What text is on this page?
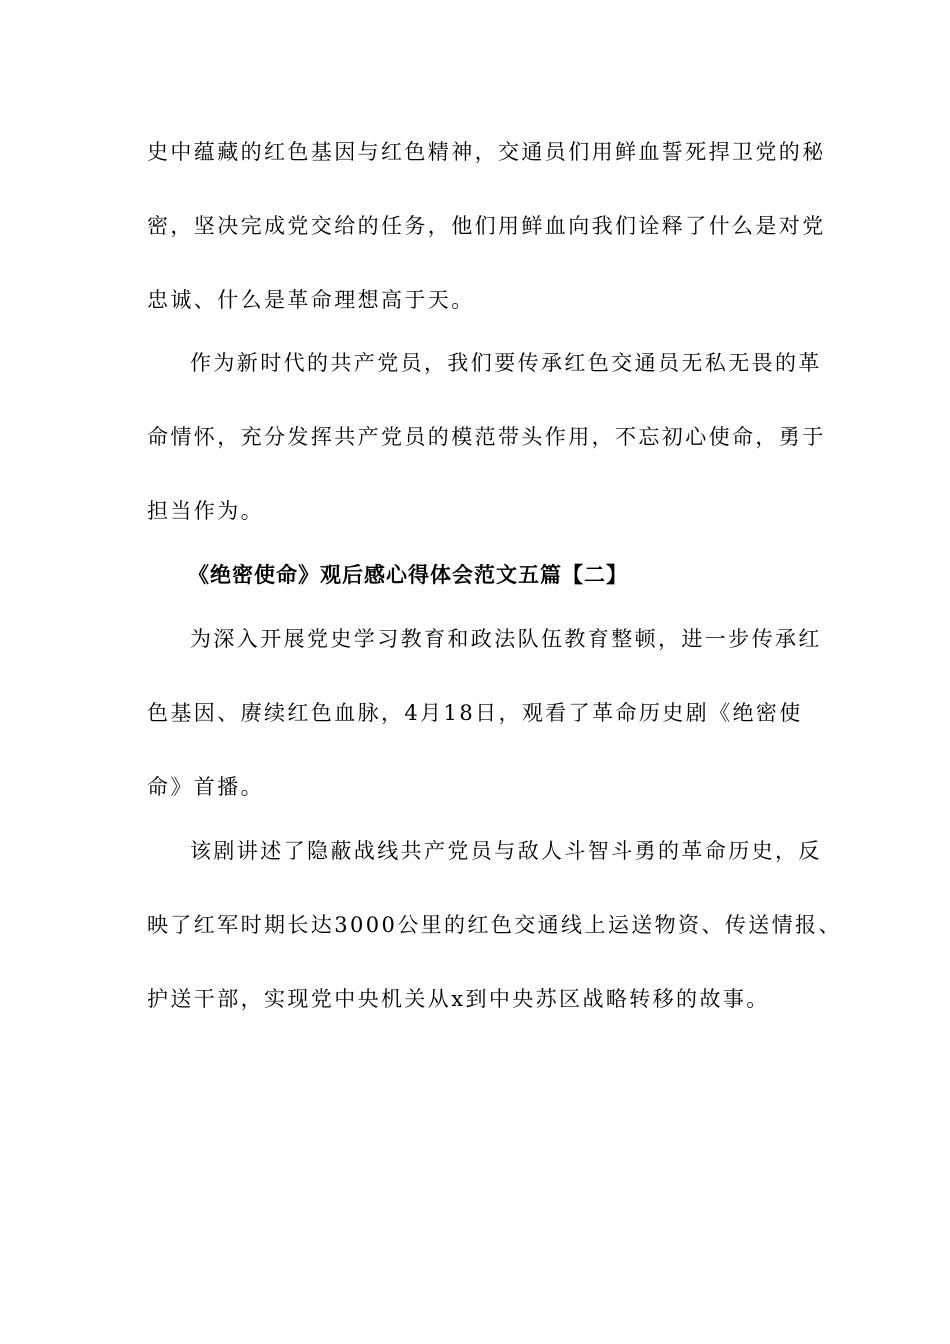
史中蕴藏的红色基因与红色精神，交通员们用鲜血誓死捍卫党的秘
密，坚决完成党交给的任务，他们用鲜血向我们诠释了什么是对党
忠诚、什么是革命理想高于天。
作为新时代的共产党员，我们要传承红色交通员无私无畏的革
命情怀，充分发挥共产党员的模范带头作用，不忘初心使命，勇于
担当作为。
《绝密使命》观后感心得体会范文五篇【二】
为深入开展党史学习教育和政法队伍教育整顿，进一步传承红
色基因、赓续红色血脉，4月18日，观看了革命历史剧《绝密使
命》首播。
该剧讲述了隐蔽战线共产党员与敌人斗智斗勇的革命历史，反
映了红军时期长达3000公里的红色交通线上运送物资、传送情报、
护送干部，实现党中央机关从x到中央苏区战略转移的故事。
